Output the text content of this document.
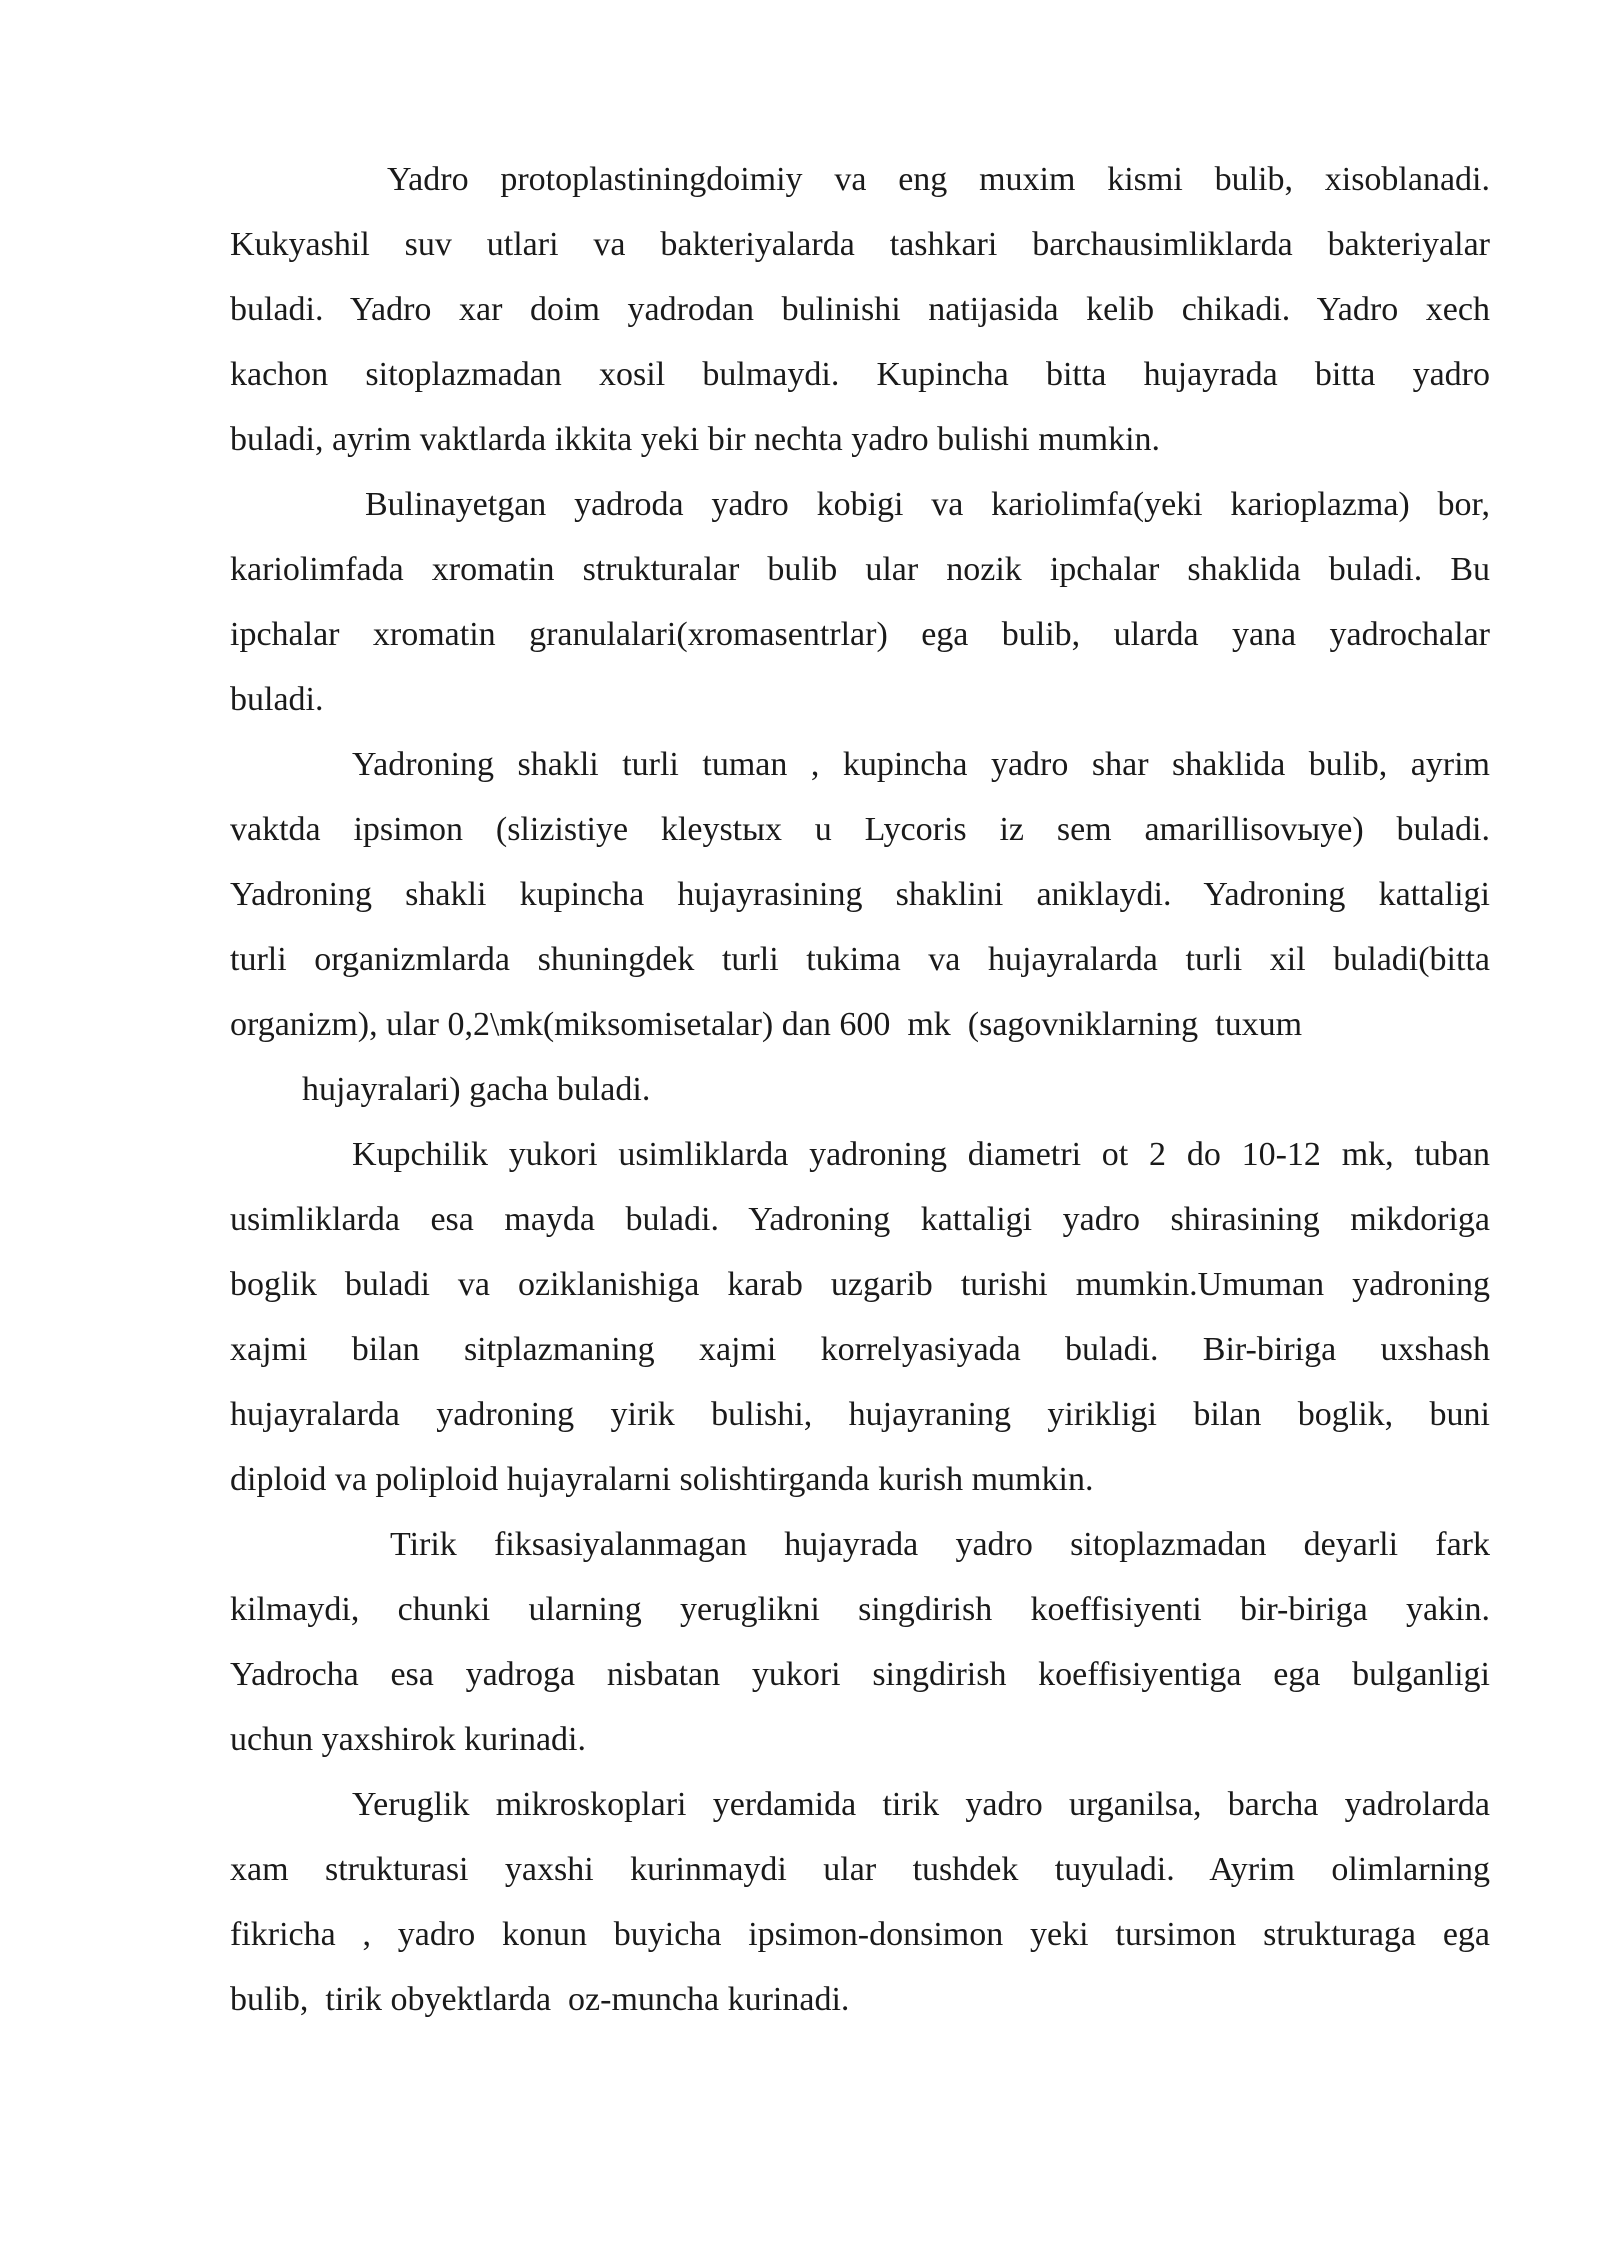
Yadro protoplastiningdoimiy va eng muxim kismi bulib, xisoblanadi.
Kukyashil suv utlari va bakteriyalarda tashkari barchausimliklarda bakteriyalar
buladi. Yadro xar doim yadrodan bulinishi natijasida kelib chikadi. Yadro xech
kachon sitoplazmadan xosil bulmaydi. Kupincha bitta hujayrada bitta yadro
buladi, ayrim vaktlarda ikkita yeki bir nechta yadro bulishi mumkin.

Bulinayetgan yadroda yadro kobigi va kariolimfa(yeki karioplazma) bor,
kariolimfada xromatin strukturalar bulib ular nozik ipchalar shaklida buladi. Bu
ipchalar xromatin granulalari(xromasentrlar) ega bulib, ularda yana yadrochalar
buladi.

Yadroning shakli turli tuman , kupincha yadro shar shaklida bulib, ayrim
vaktda ipsimon (slizistiye kleystых u Lycoris iz sem amarillisovыye) buladi.
Yadroning shakli kupincha hujayrasining shaklini aniklaydi. Yadroning kattaligi
turli organizmlarda shuningdek turli tukima va hujayralarda turli xil buladi(bitta
organizm), ular 0,2\mk(miksomisetalar) dan 600  mk  (sagovniklarning  tuxum
hujayralari) gacha buladi.

Kupchilik yukori usimliklarda yadroning diametri ot 2 do 10-12 mk, tuban
usimliklarda esa mayda buladi. Yadroning kattaligi yadro shirasining mikdoriga
boglik buladi va oziklanishiga karab uzgarib turishi mumkin.Umuman yadroning
xajmi bilan sitplazmaning xajmi korrelyasiyada buladi. Bir-biriga uxshash
hujayralarda yadroning yirik bulishi, hujayraning yirikligi bilan boglik, buni
diploid va poliploid hujayralarni solishtirganda kurish mumkin.

Tirik fiksasiyalanmagan hujayrada yadro sitoplazmadan deyarli fark
kilmaydi, chunki ularning yeruglikni singdirish koeffisiyenti bir-biriga yakin.
Yadrocha esa yadroga nisbatan yukori singdirish koeffisiyentiga ega bulganligi
uchun yaxshirok kurinadi.

Yeruglik mikroskoplari yerdamida tirik yadro urganilsa, barcha yadrolarda
xam strukturasi yaxshi kurinmaydi ular tushdek tuyuladi. Ayrim olimlarning
fikricha , yadro konun buyicha ipsimon-donsimon yeki tursimon strukturaga ega
bulib,  tirik obyektlarda  oz-muncha kurinadi.
